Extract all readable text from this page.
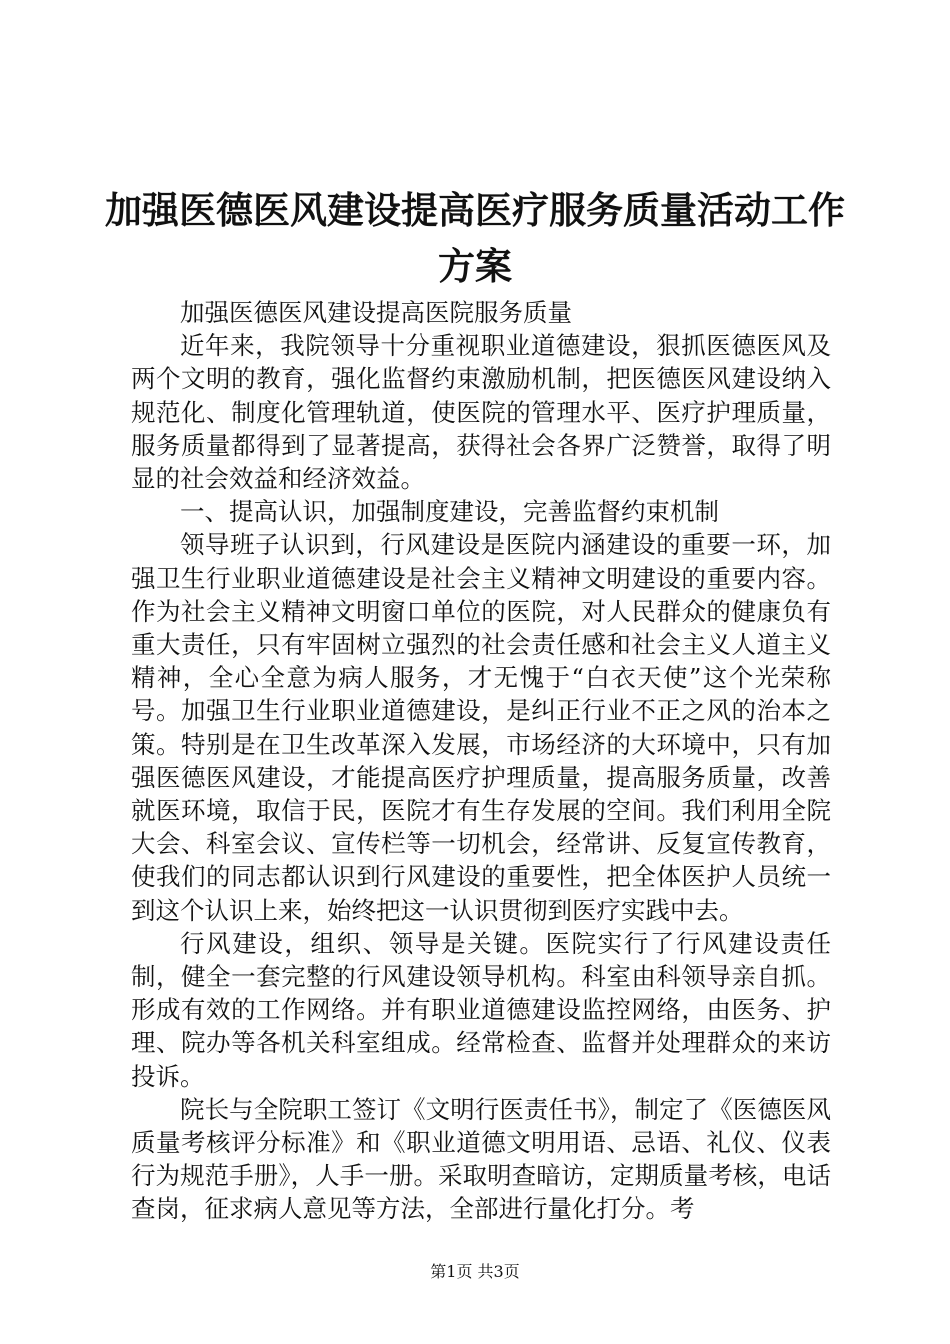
加强医德医风建设提高医疗服务质量活动工作方案

加强医德医风建设提高医院服务质量

近年来，我院领导十分重视职业道德建设，狠抓医德医风及两个文明的教育，强化监督约束激励机制，把医德医风建设纳入规范化、制度化管理轨道，使医院的管理水平、医疗护理质量，服务质量都得到了显著提高，获得社会各界广泛赞誉，取得了明显的社会效益和经济效益。

一、提高认识，加强制度建设，完善监督约束机制

领导班子认识到，行风建设是医院内涵建设的重要一环，加强卫生行业职业道德建设是社会主义精神文明建设的重要内容。作为社会主义精神文明窗口单位的医院，对人民群众的健康负有重大责任，只有牢固树立强烈的社会责任感和社会主义人道主义精神，全心全意为病人服务，才无愧于“白衣天使”这个光荣称号。加强卫生行业职业道德建设，是纠正行业不正之风的治本之策。特别是在卫生改革深入发展，市场经济的大环境中，只有加强医德医风建设，才能提高医疗护理质量，提高服务质量，改善就医环境，取信于民，医院才有生存发展的空间。我们利用全院大会、科室会议、宣传栏等一切机会，经常讲、反复宣传教育，使我们的同志都认识到行风建设的重要性，把全体医护人员统一到这个认识上来，始终把这一认识贯彻到医疗实践中去。

行风建设，组织、领导是关键。医院实行了行风建设责任制，健全一套完整的行风建设领导机构。科室由科领导亲自抓。形成有效的工作网络。并有职业道德建设监控网络，由医务、护理、院办等各机关科室组成。经常检查、监督并处理群众的来访投诉。

院长与全院职工签订《文明行医责任书》，制定了《医德医风质量考核评分标准》和《职业道德文明用语、忌语、礼仪、仪表行为规范手册》，人手一册。采取明查暗访，定期质量考核，电话查岗，征求病人意见等方法，全部进行量化打分。考

第1页 共3页
